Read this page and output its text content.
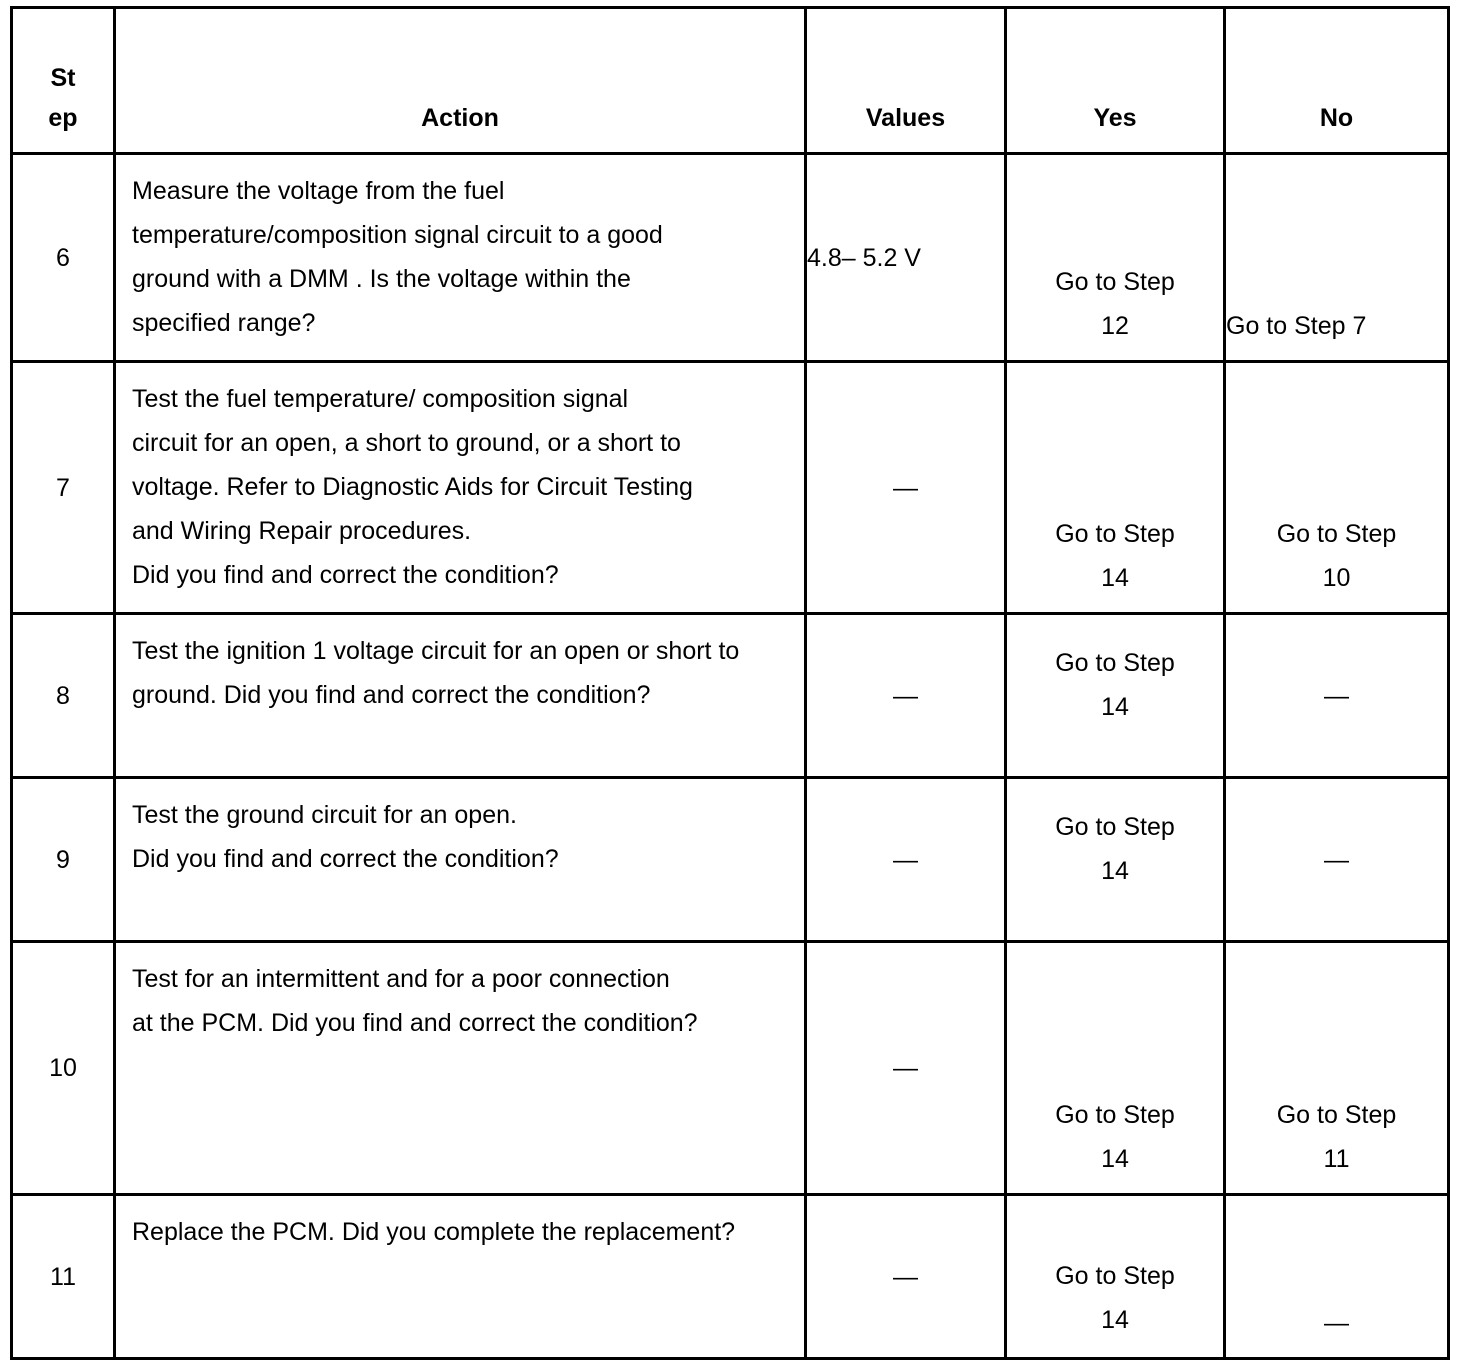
St
ep	Action	Values	Yes	No
6	Measure the voltage from the fuel
temperature/composition signal circuit to a good
ground with a DMM . Is the voltage within the
specified range?	4.8– 5.2 V	Go to Step
12	Go to Step 7
7	Test the fuel temperature/ composition signal
circuit for an open, a short to ground, or a short to
voltage. Refer to Diagnostic Aids for Circuit Testing
and Wiring Repair procedures.
Did you find and correct the condition?	—	Go to Step
14	Go to Step
10
8	Test the ignition 1 voltage circuit for an open or short to
ground. Did you find and correct the condition?	—	Go to Step
14	—
9	Test the ground circuit for an open.
Did you find and correct the condition?	—	Go to Step
14	—
10	Test for an intermittent and for a poor connection
at the PCM. Did you find and correct the condition?	—	Go to Step
14	Go to Step
11
11	Replace the PCM. Did you complete the replacement?	—	Go to Step
14	—
